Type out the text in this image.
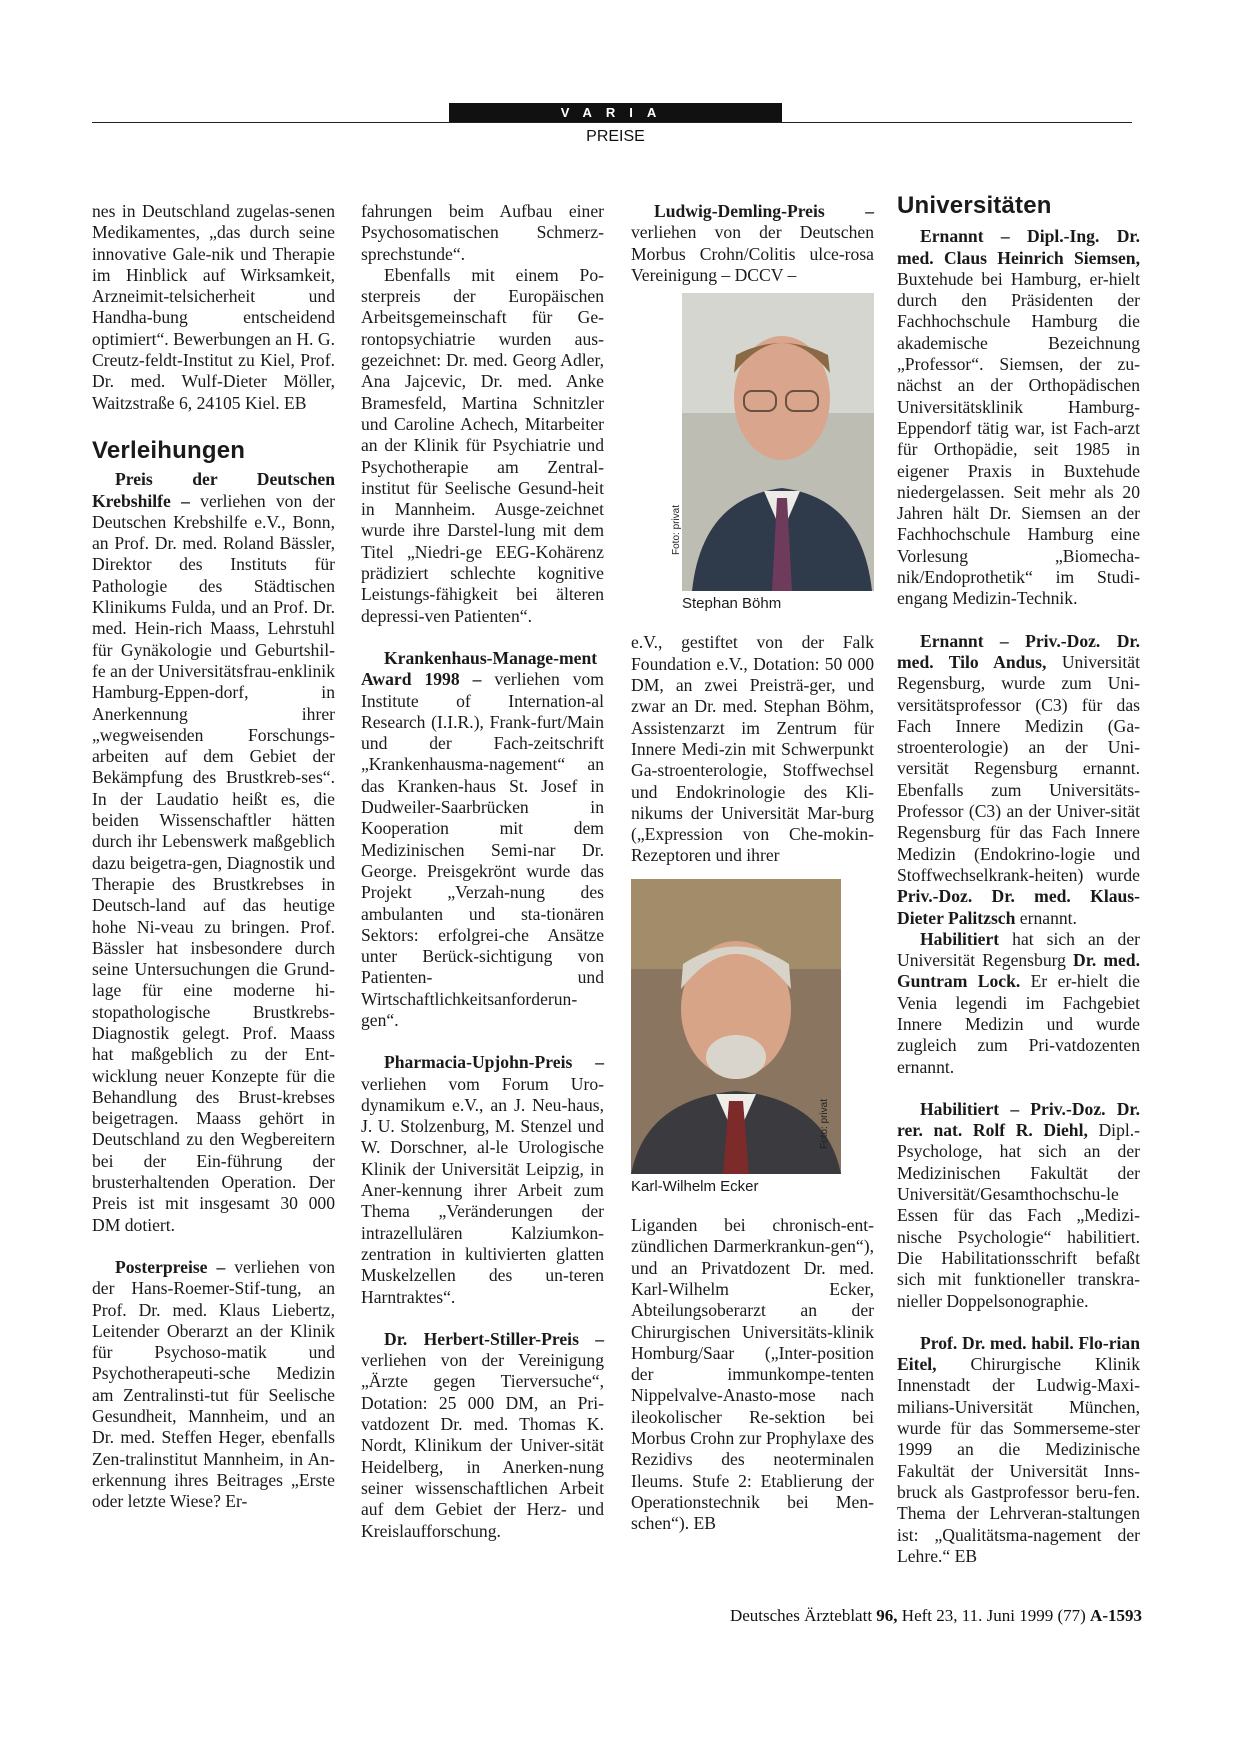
VARIA
PREISE

nes in Deutschland zugelas-senen Medikamentes, „das durch seine innovative Gale-nik und Therapie im Hinblick auf Wirksamkeit, Arzneimit-telsicherheit und Handha-bung entscheidend optimiert“. Bewerbungen an H. G. Creutz-feldt-Institut zu Kiel, Prof. Dr. med. Wulf-Dieter Möller, Waitzstraße 6, 24105 Kiel. EB

Verleihungen

Preis der Deutschen Krebshilfe – verliehen von der Deutschen Krebshilfe e.V., Bonn, an Prof. Dr. med. Roland Bässler, Direktor des Instituts für Pathologie des Städtischen Klinikums Fulda, und an Prof. Dr. med. Hein-rich Maass, Lehrstuhl für Gynäkologie und Geburtshil-fe an der Universitätsfrau-enklinik Hamburg-Eppen-dorf, in Anerkennung ihrer „wegweisenden Forschungs-arbeiten auf dem Gebiet der Bekämpfung des Brustkreb-ses“. In der Laudatio heißt es, die beiden Wissenschaftler hätten durch ihr Lebenswerk maßgeblich dazu beigetra-gen, Diagnostik und Therapie des Brustkrebses in Deutsch-land auf das heutige hohe Ni-veau zu bringen. Prof. Bässler hat insbesondere durch seine Untersuchungen die Grund-lage für eine moderne hi-stopathologische Brustkrebs-Diagnostik gelegt. Prof. Maass hat maßgeblich zu der Ent-wicklung neuer Konzepte für die Behandlung des Brust-krebses beigetragen. Maass gehört in Deutschland zu den Wegbereitern bei der Ein-führung der brusterhaltenden Operation. Der Preis ist mit insgesamt 30 000 DM dotiert.

Posterpreise – verliehen von der Hans-Roemer-Stif-tung, an Prof. Dr. med. Klaus Liebertz, Leitender Oberarzt an der Klinik für Psychoso-matik und Psychotherapeuti-sche Medizin am Zentralinsti-tut für Seelische Gesundheit, Mannheim, und an Dr. med. Steffen Heger, ebenfalls Zen-tralinstitut Mannheim, in An-erkennung ihres Beitrages „Erste oder letzte Wiese? Er-

fahrungen beim Aufbau einer Psychosomatischen Schmerz-sprechstunde“.

Ebenfalls mit einem Po-sterpreis der Europäischen Arbeitsgemeinschaft für Ge-rontopsychiatrie wurden aus-gezeichnet: Dr. med. Georg Adler, Ana Jajcevic, Dr. med. Anke Bramesfeld, Martina Schnitzler und Caroline Achech, Mitarbeiter an der Klinik für Psychiatrie und Psychotherapie am Zentral-institut für Seelische Gesund-heit in Mannheim. Ausge-zeichnet wurde ihre Darstel-lung mit dem Titel „Niedri-ge EEG-Kohärenz prädiziert schlechte kognitive Leistungs-fähigkeit bei älteren depressi-ven Patienten“.

Krankenhaus-Manage-ment Award 1998 – verliehen vom Institute of Internation-al Research (I.I.R.), Frank-furt/Main und der Fach-zeitschrift „Krankenhausma-nagement“ an das Kranken-haus St. Josef in Dudweiler-Saarbrücken in Kooperation mit dem Medizinischen Semi-nar Dr. George. Preisgekrönt wurde das Projekt „Verzah-nung des ambulanten und sta-tionären Sektors: erfolgrei-che Ansätze unter Berück-sichtigung von Patienten- und Wirtschaftlichkeitsanforderun-gen“.

Pharmacia-Upjohn-Preis – verliehen vom Forum Uro-dynamikum e.V., an J. Neu-haus, J. U. Stolzenburg, M. Stenzel und W. Dorschner, al-le Urologische Klinik der Universität Leipzig, in Aner-kennung ihrer Arbeit zum Thema „Veränderungen der intrazellulären Kalziumkon-zentration in kultivierten glatten Muskelzellen des un-teren Harntraktes“.

Dr. Herbert-Stiller-Preis – verliehen von der Vereinigung „Ärzte gegen Tierversuche“, Dotation: 25 000 DM, an Pri-vatdozent Dr. med. Thomas K. Nordt, Klinikum der Univer-sität Heidelberg, in Anerken-nung seiner wissenschaftlichen Arbeit auf dem Gebiet der Herz- und Kreislaufforschung.

Ludwig-Demling-Preis – verliehen von der Deutschen Morbus Crohn/Colitis ulce-rosa Vereinigung – DCCV –

Foto: privat
Stephan Böhm

e.V., gestiftet von der Falk Foundation e.V., Dotation: 50 000 DM, an zwei Preisträ-ger, und zwar an Dr. med. Stephan Böhm, Assistenzarzt im Zentrum für Innere Medi-zin mit Schwerpunkt Ga-stroenterologie, Stoffwechsel und Endokrinologie des Kli-nikums der Universität Mar-burg („Expression von Che-mokin-Rezeptoren und ihrer

Foto: privat
Karl-Wilhelm Ecker

Liganden bei chronisch-ent-zündlichen Darmerkrankun-gen“), und an Privatdozent Dr. med. Karl-Wilhelm Ecker, Abteilungsoberarzt an der Chirurgischen Universitäts-klinik Homburg/Saar („Inter-position der immunkompe-tenten Nippelvalve-Anasto-mose nach ileokolischer Re-sektion bei Morbus Crohn zur Prophylaxe des Rezidivs des neoterminalen Ileums. Stufe 2: Etablierung der Operationstechnik bei Men-schen“). EB

Universitäten

Ernannt – Dipl.-Ing. Dr. med. Claus Heinrich Siemsen, Buxtehude bei Hamburg, er-hielt durch den Präsidenten der Fachhochschule Hamburg die akademische Bezeichnung „Professor“. Siemsen, der zu-nächst an der Orthopädischen Universitätsklinik Hamburg-Eppendorf tätig war, ist Fach-arzt für Orthopädie, seit 1985 in eigener Praxis in Buxtehude niedergelassen. Seit mehr als 20 Jahren hält Dr. Siemsen an der Fachhochschule Hamburg eine Vorlesung „Biomecha-nik/Endoprothetik“ im Studi-engang Medizin-Technik.

Ernannt – Priv.-Doz. Dr. med. Tilo Andus, Universität Regensburg, wurde zum Uni-versitätsprofessor (C3) für das Fach Innere Medizin (Ga-stroenterologie) an der Uni-versität Regensburg ernannt. Ebenfalls zum Universitäts-Professor (C3) an der Univer-sität Regensburg für das Fach Innere Medizin (Endokrino-logie und Stoffwechselkrank-heiten) wurde Priv.-Doz. Dr. med. Klaus-Dieter Palitzsch ernannt.

Habilitiert hat sich an der Universität Regensburg Dr. med. Guntram Lock. Er er-hielt die Venia legendi im Fachgebiet Innere Medizin und wurde zugleich zum Pri-vatdozenten ernannt.

Habilitiert – Priv.-Doz. Dr. rer. nat. Rolf R. Diehl, Dipl.-Psychologe, hat sich an der Medizinischen Fakultät der Universität/Gesamthochschu-le Essen für das Fach „Medizi-nische Psychologie“ habilitiert. Die Habilitationsschrift befaßt sich mit funktioneller transkra-nieller Doppelsonographie.

Prof. Dr. med. habil. Flo-rian Eitel, Chirurgische Klinik Innenstadt der Ludwig-Maxi-milians-Universität München, wurde für das Sommerseme-ster 1999 an die Medizinische Fakultät der Universität Inns-bruck als Gastprofessor beru-fen. Thema der Lehrveran-staltungen ist: „Qualitätsma-nagement der Lehre.“ EB

Deutsches Ärzteblatt 96, Heft 23, 11. Juni 1999 (77) A-1593
